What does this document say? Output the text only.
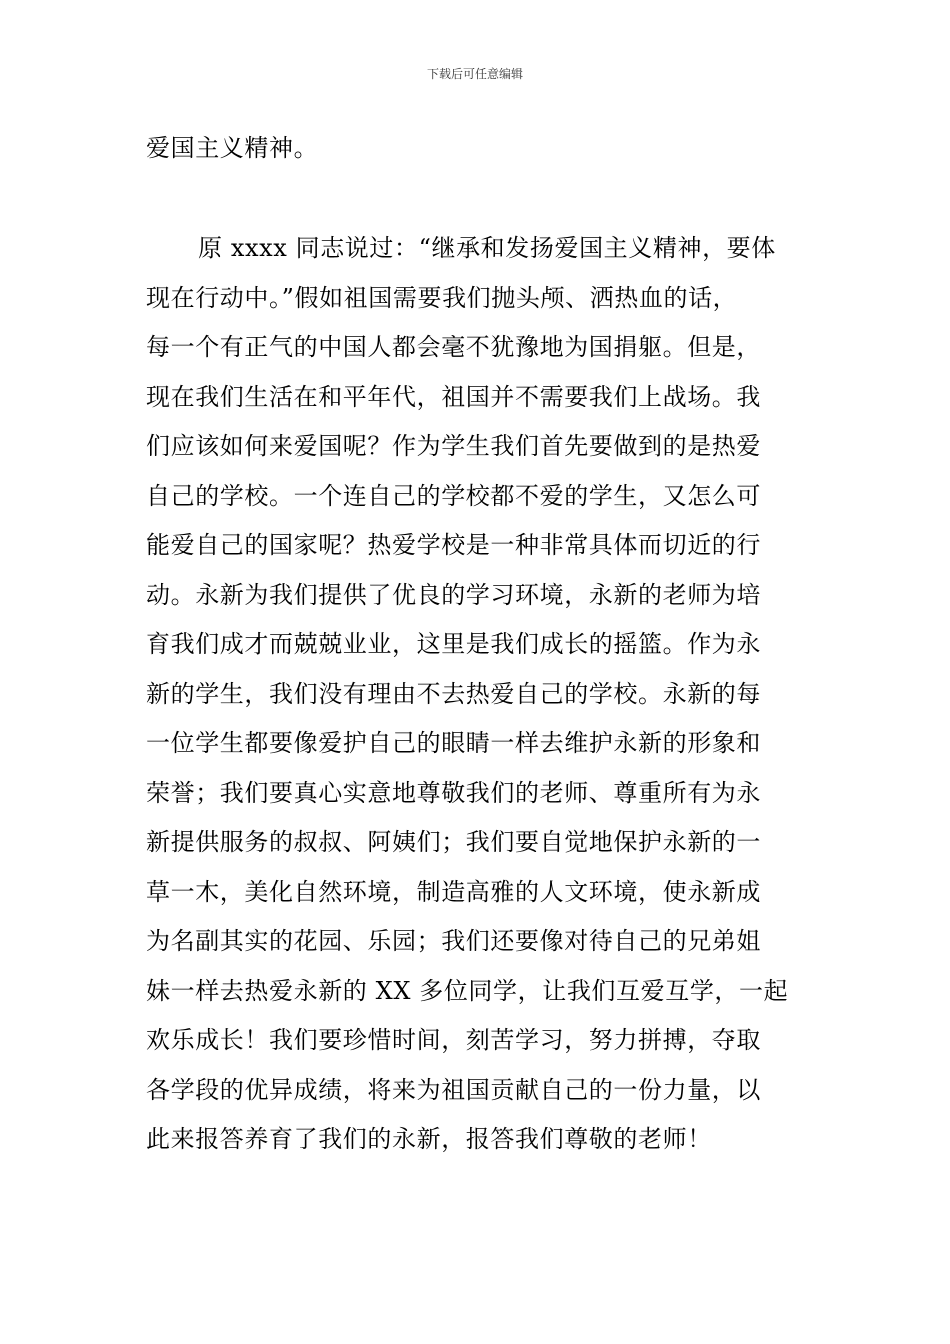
下载后可任意编辑
爱国主义精神。
原 xxxx 同志说过：“继承和发扬爱国主义精神，要体
现在行动中。”假如祖国需要我们抛头颅、洒热血的话，
每一个有正气的中国人都会毫不犹豫地为国捐躯。但是，
现在我们生活在和平年代，祖国并不需要我们上战场。我
们应该如何来爱国呢？作为学生我们首先要做到的是热爱
自己的学校。一个连自己的学校都不爱的学生，又怎么可
能爱自己的国家呢？热爱学校是一种非常具体而切近的行
动。永新为我们提供了优良的学习环境，永新的老师为培
育我们成才而兢兢业业，这里是我们成长的摇篮。作为永
新的学生，我们没有理由不去热爱自己的学校。永新的每
一位学生都要像爱护自己的眼睛一样去维护永新的形象和
荣誉；我们要真心实意地尊敬我们的老师、尊重所有为永
新提供服务的叔叔、阿姨们；我们要自觉地保护永新的一
草一木，美化自然环境，制造高雅的人文环境，使永新成
为名副其实的花园、乐园；我们还要像对待自己的兄弟姐
妹一样去热爱永新的 XX 多位同学，让我们互爱互学，一起
欢乐成长！我们要珍惜时间，刻苦学习，努力拼搏，夺取
各学段的优异成绩，将来为祖国贡献自己的一份力量，以
此来报答养育了我们的永新，报答我们尊敬的老师！
